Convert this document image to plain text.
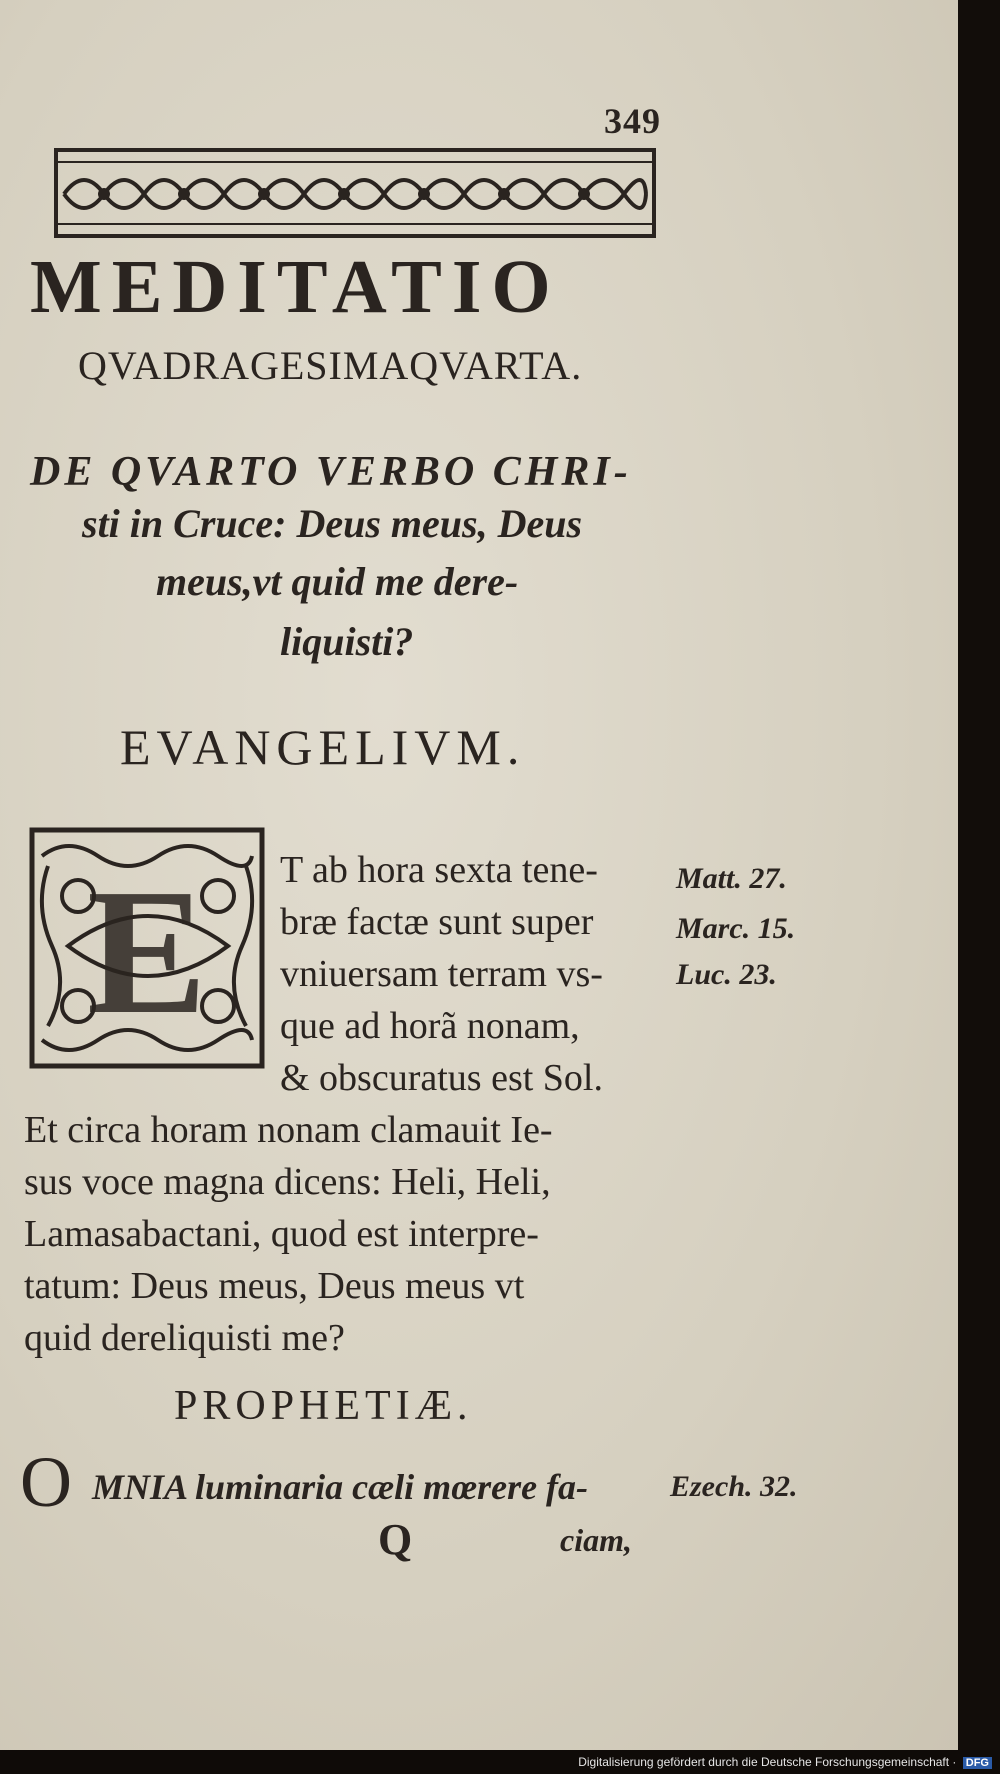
349
MEDITATIO
QVADRAGESIMAQVARTA.
DE QVARTO VERBO CHRI-
sti in Cruce: Deus meus, Deus
meus,vt quid me dere-
liquisti?
EVANGELIVM.
E T ab hora sexta tene-
bræ factæ sunt super
vniuersam terram vs-
que ad horã nonam,
& obscuratus est Sol.
Et circa horam nonam clamauit Ie-
sus voce magna dicens: Heli, Heli,
Lamasabactani, quod est interpre-
tatum: Deus meus, Deus meus vt
quid dereliquisti me?
Matt. 27.
Marc. 15.
Luc. 23.
PROPHETIÆ.
O MNIA luminaria cæli mœrere fa-	Ezech. 32.
Q	ciam,
Digitalisierung gefördert durch die Deutsche Forschungsgemeinschaft · DFG
